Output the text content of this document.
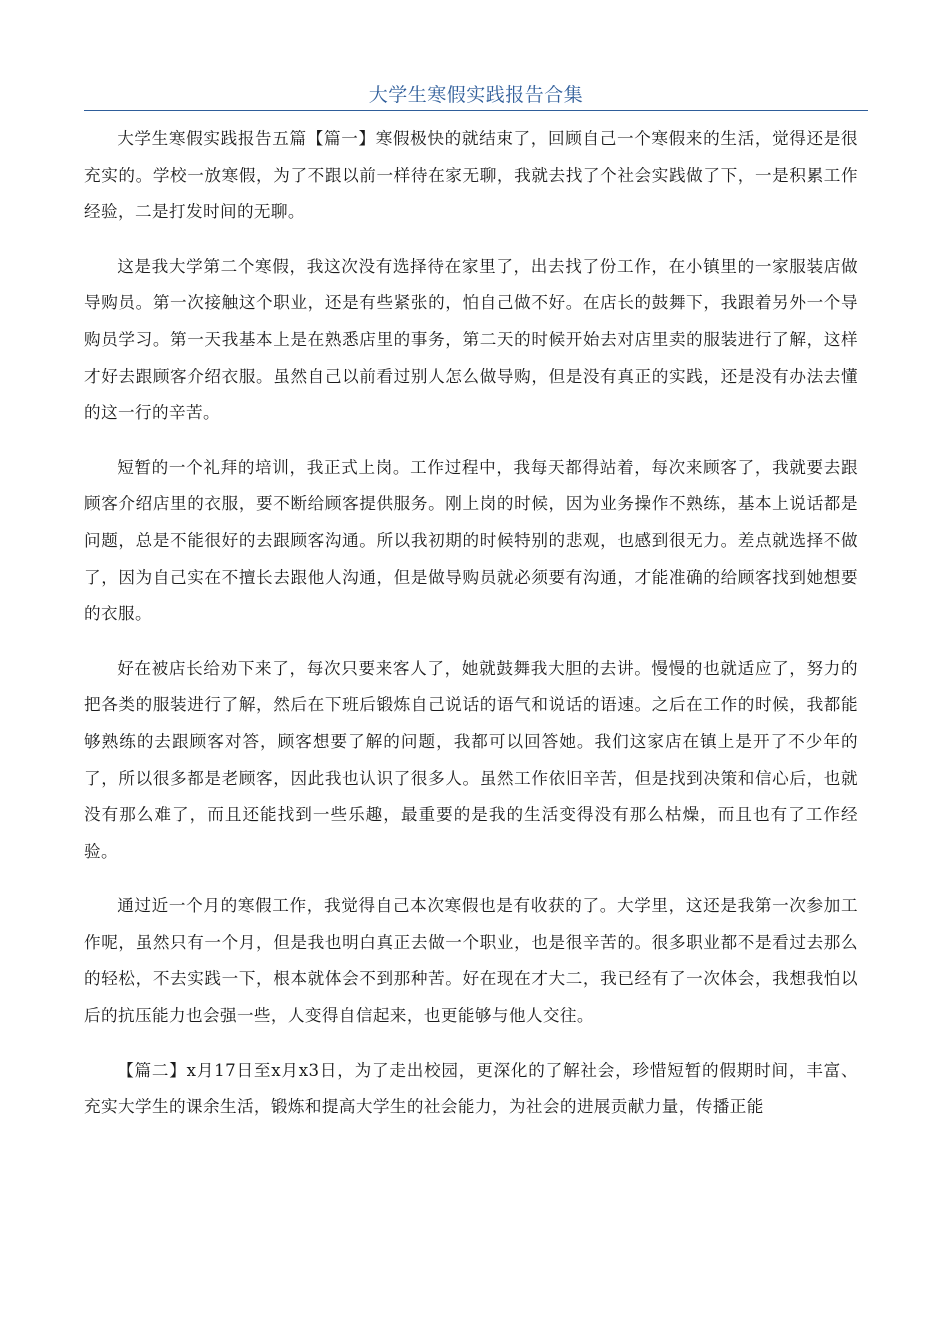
大学生寒假实践报告合集

大学生寒假实践报告五篇【篇一】寒假极快的就结束了，回顾自己一个寒假来的生活，觉得还是很充实的。学校一放寒假，为了不跟以前一样待在家无聊，我就去找了个社会实践做了下，一是积累工作经验，二是打发时间的无聊。

这是我大学第二个寒假，我这次没有选择待在家里了，出去找了份工作，在小镇里的一家服装店做导购员。第一次接触这个职业，还是有些紧张的，怕自己做不好。在店长的鼓舞下，我跟着另外一个导购员学习。第一天我基本上是在熟悉店里的事务，第二天的时候开始去对店里卖的服装进行了解，这样才好去跟顾客介绍衣服。虽然自己以前看过别人怎么做导购，但是没有真正的实践，还是没有办法去懂的这一行的辛苦。

短暂的一个礼拜的培训，我正式上岗。工作过程中，我每天都得站着，每次来顾客了，我就要去跟顾客介绍店里的衣服，要不断给顾客提供服务。刚上岗的时候，因为业务操作不熟练，基本上说话都是问题，总是不能很好的去跟顾客沟通。所以我初期的时候特别的悲观，也感到很无力。差点就选择不做了，因为自己实在不擅长去跟他人沟通，但是做导购员就必须要有沟通，才能准确的给顾客找到她想要的衣服。

好在被店长给劝下来了，每次只要来客人了，她就鼓舞我大胆的去讲。慢慢的也就适应了，努力的把各类的服装进行了解，然后在下班后锻炼自己说话的语气和说话的语速。之后在工作的时候，我都能够熟练的去跟顾客对答，顾客想要了解的问题，我都可以回答她。我们这家店在镇上是开了不少年的了，所以很多都是老顾客，因此我也认识了很多人。虽然工作依旧辛苦，但是找到决策和信心后，也就没有那么难了，而且还能找到一些乐趣，最重要的是我的生活变得没有那么枯燥，而且也有了工作经验。

通过近一个月的寒假工作，我觉得自己本次寒假也是有收获的了。大学里，这还是我第一次参加工作呢，虽然只有一个月，但是我也明白真正去做一个职业，也是很辛苦的。很多职业都不是看过去那么的轻松，不去实践一下，根本就体会不到那种苦。好在现在才大二，我已经有了一次体会，我想我怕以后的抗压能力也会强一些，人变得自信起来，也更能够与他人交往。

【篇二】x月17日至x月x3日，为了走出校园，更深化的了解社会，珍惜短暂的假期时间，丰富、充实大学生的课余生活，锻炼和提高大学生的社会能力，为社会的进展贡献力量，传播正能
